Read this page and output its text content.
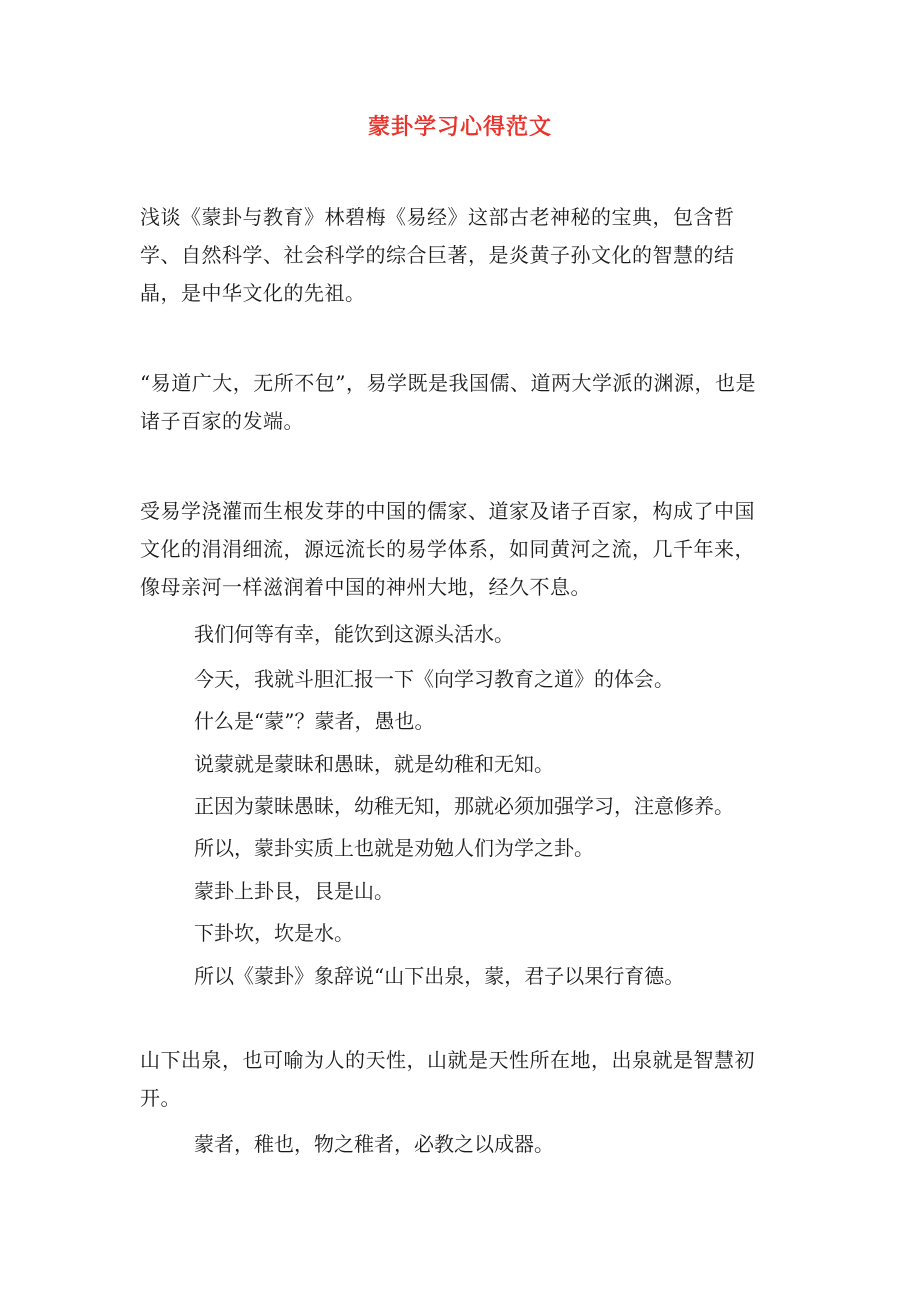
蒙卦学习心得范文

浅谈《蒙卦与教育》林碧梅《易经》这部古老神秘的宝典，包含哲学、自然科学、社会科学的综合巨著，是炎黄子孙文化的智慧的结晶，是中华文化的先祖。

“易道广大，无所不包”，易学既是我国儒、道两大学派的渊源，也是诸子百家的发端。

受易学浇灌而生根发芽的中国的儒家、道家及诸子百家，构成了中国文化的涓涓细流，源远流长的易学体系，如同黄河之流，几千年来，像母亲河一样滋润着中国的神州大地，经久不息。

我们何等有幸，能饮到这源头活水。
今天，我就斗胆汇报一下《向学习教育之道》的体会。
什么是“蒙”？蒙者，愚也。
说蒙就是蒙昧和愚昧，就是幼稚和无知。
正因为蒙昧愚昧，幼稚无知，那就必须加强学习，注意修养。
所以，蒙卦实质上也就是劝勉人们为学之卦。
蒙卦上卦艮，艮是山。
下卦坎，坎是水。
所以《蒙卦》象辞说“山下出泉，蒙，君子以果行育德。

山下出泉，也可喻为人的天性，山就是天性所在地，出泉就是智慧初开。

蒙者，稚也，物之稚者，必教之以成器。
